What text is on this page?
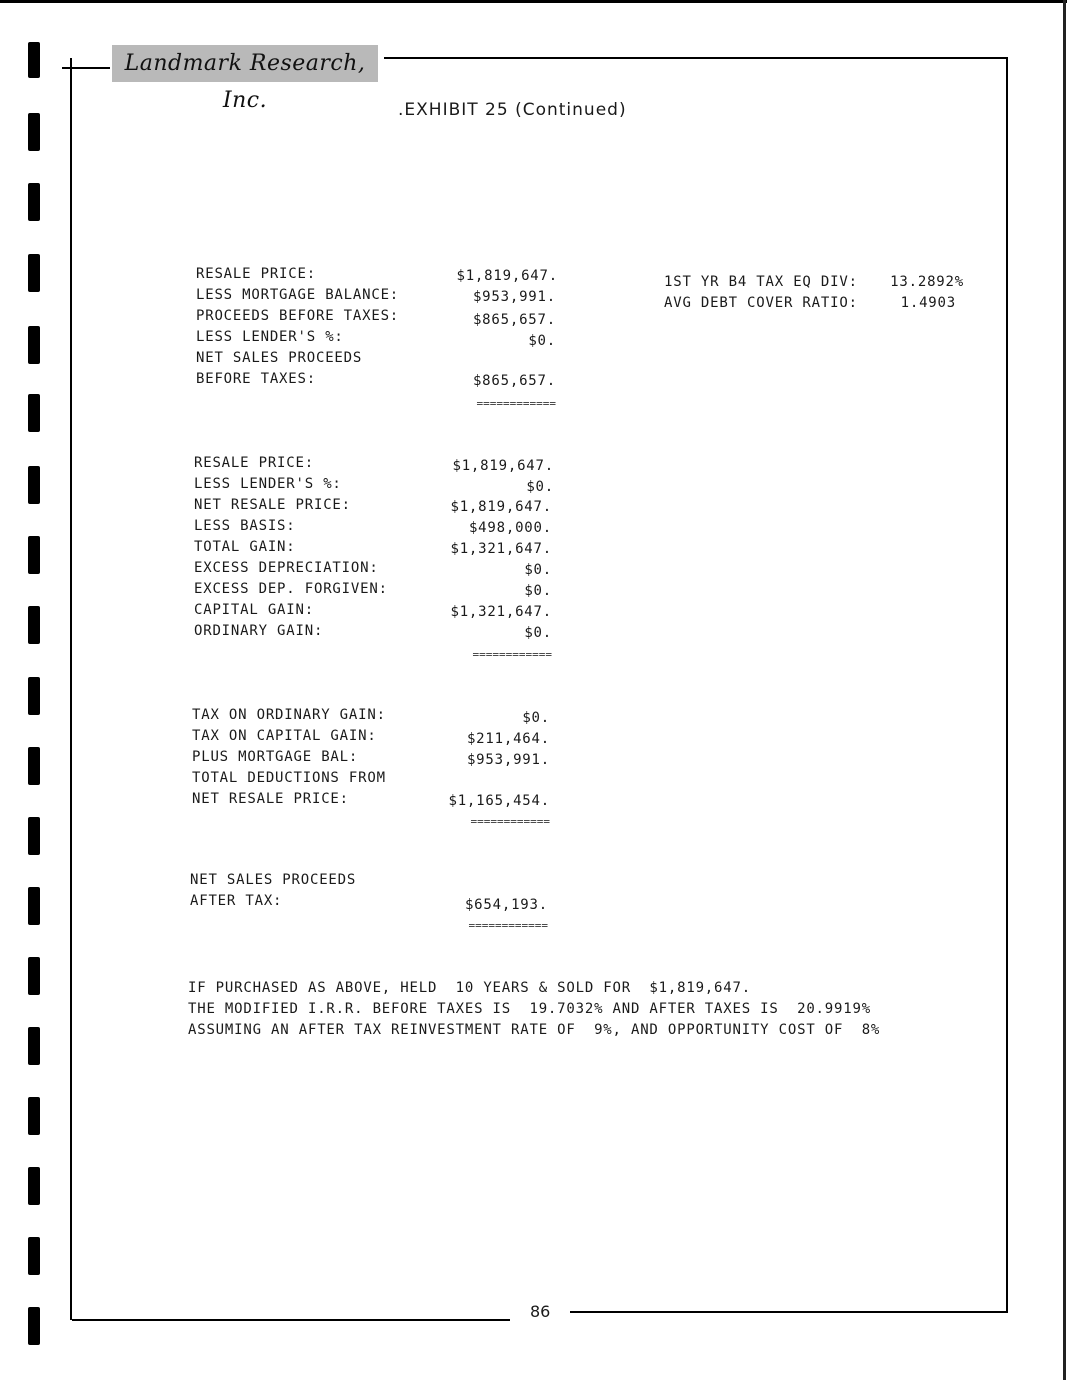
Landmark Research, Inc.	.EXHIBIT 25 (Continued)
1ST YR B4 TAX EQ DIV:	13.2892%
AVG DEBT COVER RATIO:	1.4903
RESALE PRICE:	$1,819,647.
LESS MORTGAGE BALANCE:	$953,991.
PROCEEDS BEFORE TAXES:	$865,657.
LESS LENDER'S %:	$0.
NET SALES PROCEEDS
BEFORE TAXES:	$865,657.
============
RESALE PRICE:	$1,819,647.
LESS LENDER'S %:	$0.
NET RESALE PRICE:	$1,819,647.
LESS BASIS:	$498,000.
TOTAL GAIN:	$1,321,647.
EXCESS DEPRECIATION:	$0.
EXCESS DEP. FORGIVEN:	$0.
CAPITAL GAIN:	$1,321,647.
ORDINARY GAIN:	$0.
============
TAX ON ORDINARY GAIN:	$0.
TAX ON CAPITAL GAIN:	$211,464.
PLUS MORTGAGE BAL:	$953,991.
TOTAL DEDUCTIONS FROM
NET RESALE PRICE:	$1,165,454.
============
NET SALES PROCEEDS
AFTER TAX:	$654,193.
============
IF PURCHASED AS ABOVE, HELD  10 YEARS & SOLD FOR  $1,819,647.
THE MODIFIED I.R.R. BEFORE TAXES IS  19.7032% AND AFTER TAXES IS  20.9919%
ASSUMING AN AFTER TAX REINVESTMENT RATE OF  9%, AND OPPORTUNITY COST OF  8%
86
